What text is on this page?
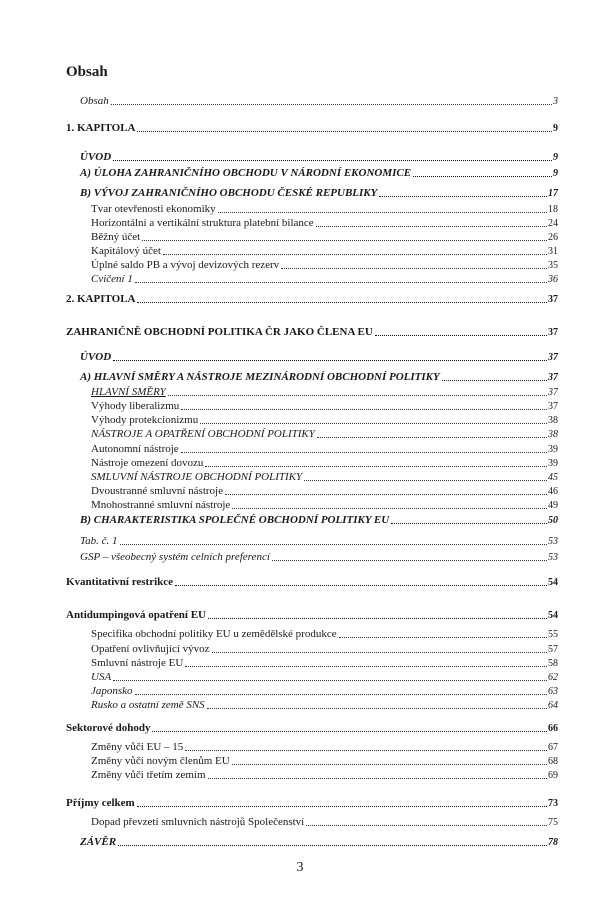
Obsah
Obsah	3
1. KAPITOLA	9
ÚVOD	9
A) ÚLOHA ZAHRANIČNÍHO OBCHODU V NÁRODNÍ EKONOMICE	9
B) VÝVOJ ZAHRANIČNÍHO OBCHODU ČESKÉ REPUBLIKY	17
Tvar otevřenosti ekonomiky	18
Horizontální a vertikální struktura platební bilance	24
Běžný účet	26
Kapitálový účet	31
Úplné saldo PB a vývoj devizových rezerv	35
Cvičení 1	36
2. KAPITOLA	37
ZAHRANIČNĚ OBCHODNÍ POLITIKA ČR JAKO ČLENA EU	37
ÚVOD	37
A) HLAVNÍ SMĚRY A NÁSTROJE MEZINÁRODNÍ OBCHODNÍ POLITIKY	37
HLAVNÍ SMĚRY	37
Výhody liberalizmu	37
Výhody protekcionizmu	38
NÁSTROJE A OPATŘENÍ OBCHODNÍ POLITIKY	38
Autonomní nástroje	39
Nástroje omezení dovozu	39
SMLUVNÍ NÁSTROJE OBCHODNÍ POLITIKY	45
Dvoustranné smluvní nástroje	46
Mnohostranné smluvní nástroje	49
B) CHARAKTERISTIKA SPOLEČNÉ OBCHODNÍ POLITIKY EU	50
Tab. č. 1	53
GSP – všeobecný systém celních preferencí	53
Kvantitativní restrikce	54
Antidumpingová opatření EU	54
Specifika obchodní politiky EU u zemědělské produkce	55
Opatření ovlivňující vývoz	57
Smluvní nástroje EU	58
USA	62
Japonsko	63
Rusko a ostatní země SNS	64
Sektorové dohody	66
Změny vůči EU – 15	67
Změny vůči novým členům EU	68
Změny vůči třetím zemím	69
Příjmy celkem	73
Dopad převzetí smluvních nástrojů Společenství	75
ZÁVĚR	78
3
